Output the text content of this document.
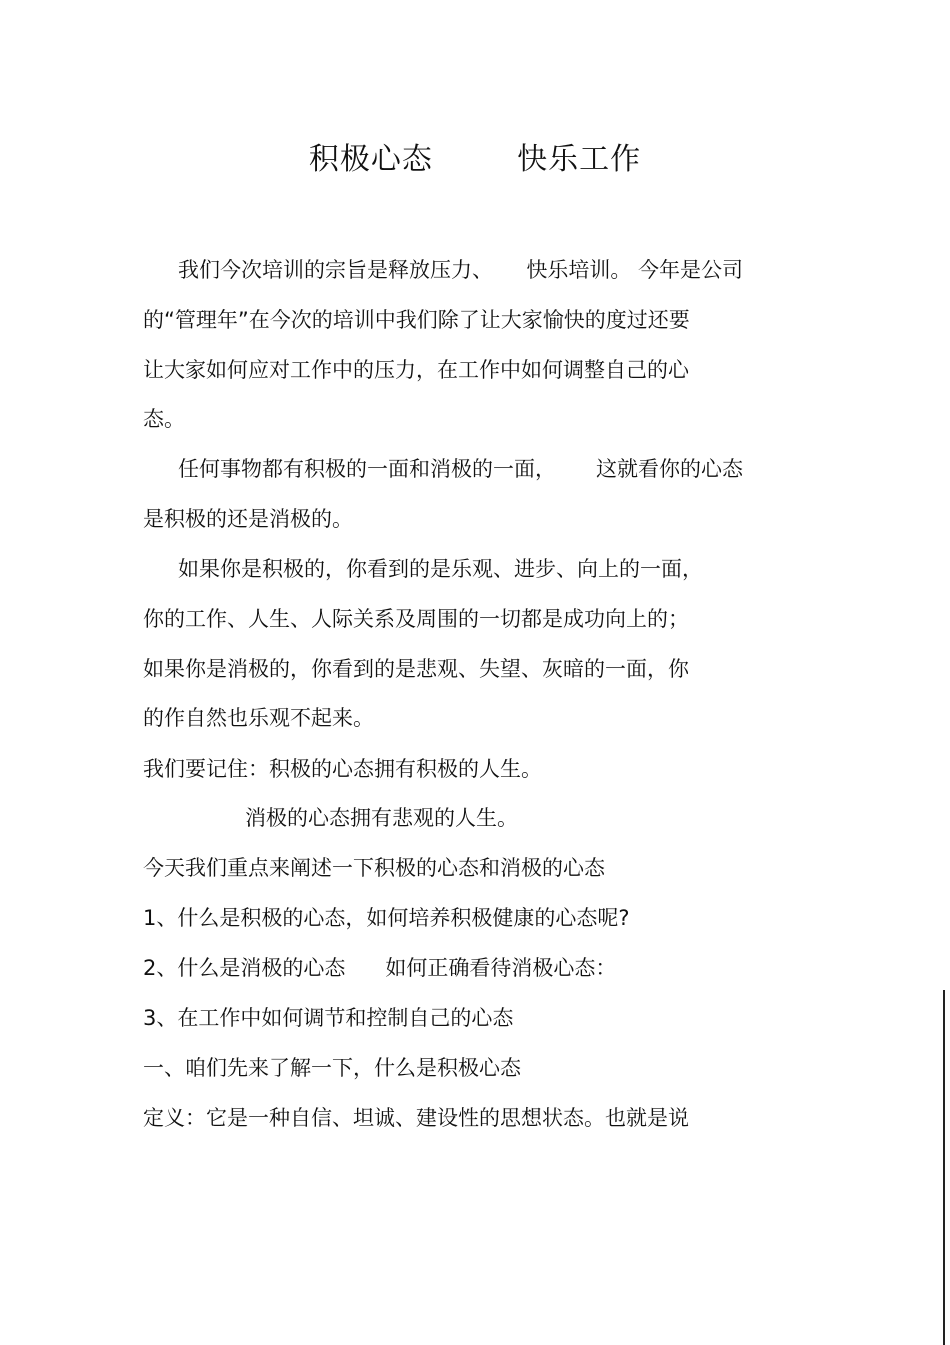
积极心态        快乐工作
我们今次培训的宗旨是释放压力、     快乐培训。 今年是公司
的“管理年”在今次的培训中我们除了让大家愉快的度过还要
让大家如何应对工作中的压力，在工作中如何调整自己的心
态。
任何事物都有积极的一面和消极的一面，      这就看你的心态
是积极的还是消极的。
如果你是积极的，你看到的是乐观、进步、向上的一面，
你的工作、人生、人际关系及周围的一切都是成功向上的；
如果你是消极的，你看到的是悲观、失望、灰暗的一面，你
的作自然也乐观不起来。
我们要记住：积极的心态拥有积极的人生。
消极的心态拥有悲观的人生。
今天我们重点来阐述一下积极的心态和消极的心态
1、什么是积极的心态，如何培养积极健康的心态呢?
2、什么是消极的心态      如何正确看待消极心态：
3、在工作中如何调节和控制自己的心态
一、咱们先来了解一下，什么是积极心态
定义：它是一种自信、坦诚、建设性的思想状态。也就是说
